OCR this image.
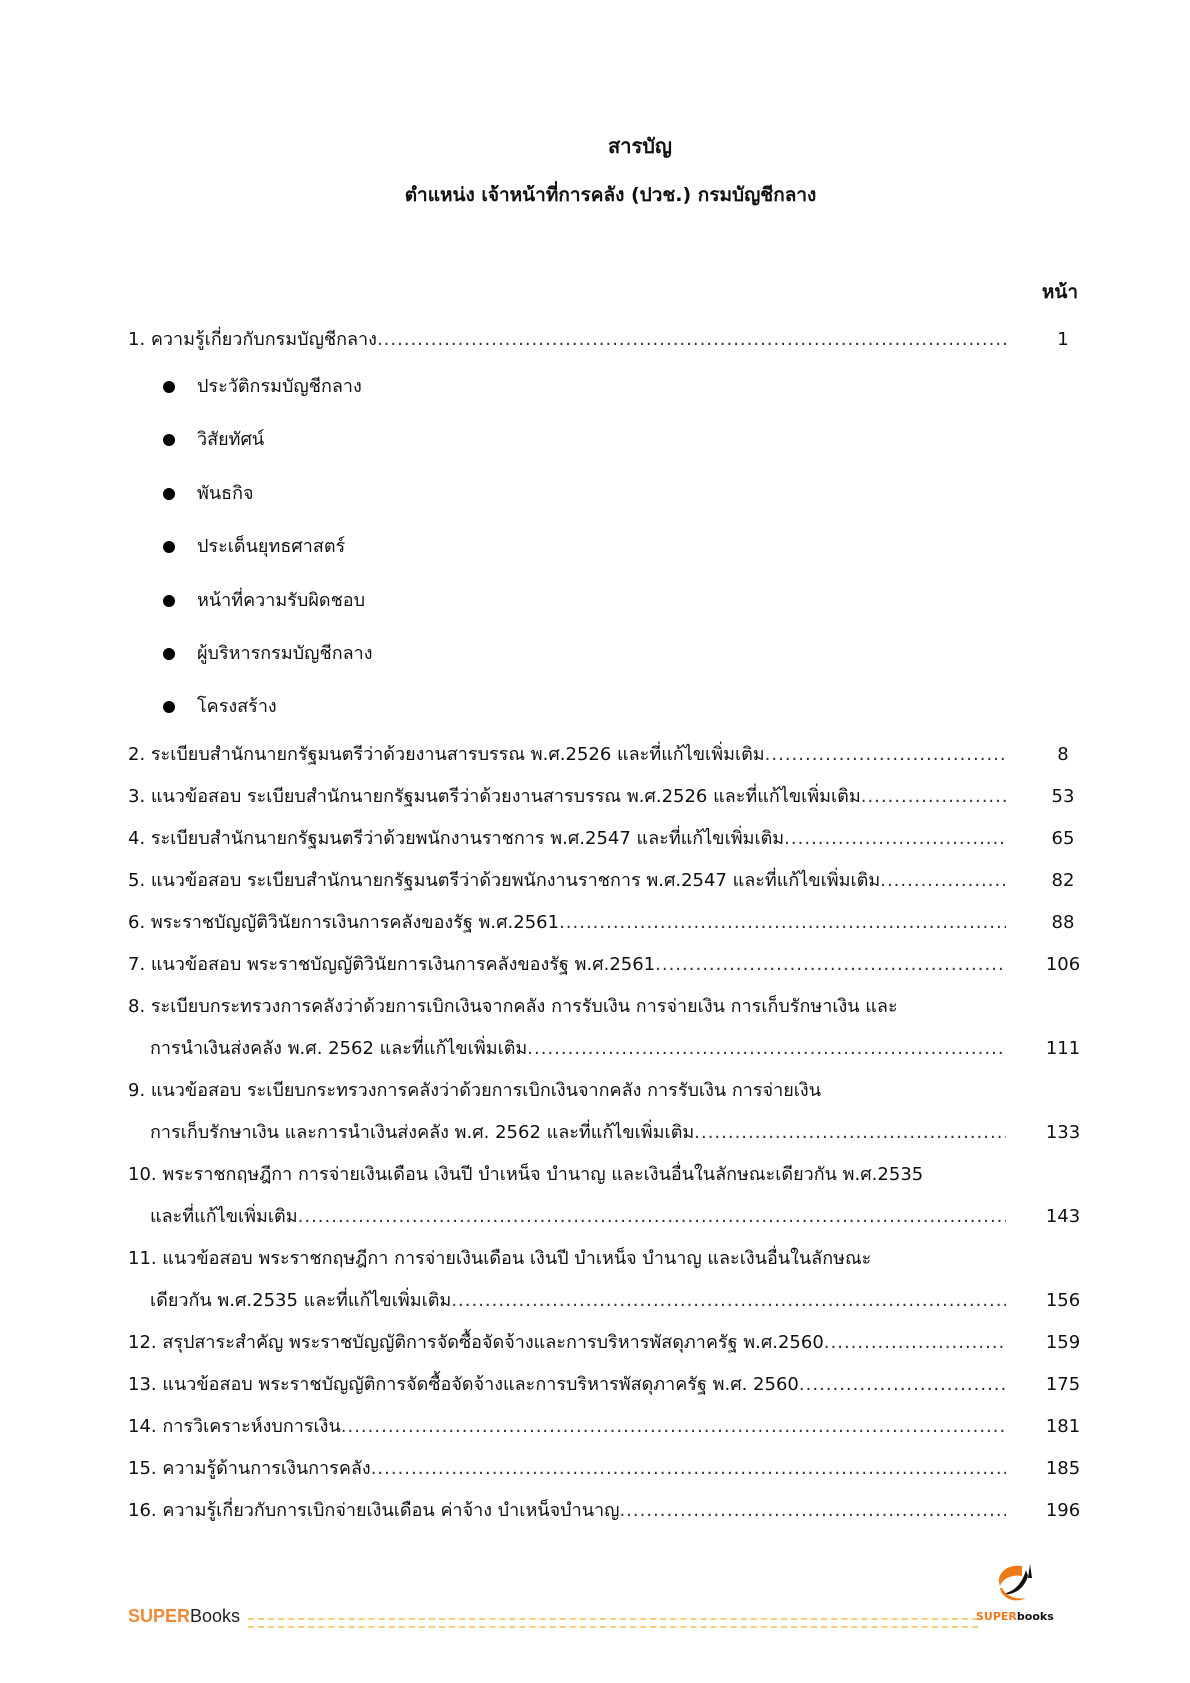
สารบัญ
ตำแหน่ง เจ้าหน้าที่การคลัง (ปวช.) กรมบัญชีกลาง
หน้า
1. ความรู้เกี่ยวกับกรมบัญชีกลาง .....	1
ประวัติกรมบัญชีกลาง
วิสัยทัศน์
พันธกิจ
ประเด็นยุทธศาสตร์
หน้าที่ความรับผิดชอบ
ผู้บริหารกรมบัญชีกลาง
โครงสร้าง
2. ระเบียบสำนักนายกรัฐมนตรีว่าด้วยงานสารบรรณ พ.ศ.2526 และที่แก้ไขเพิ่มเติม .....	8
3. แนวข้อสอบ ระเบียบสำนักนายกรัฐมนตรีว่าด้วยงานสารบรรณ พ.ศ.2526 และที่แก้ไขเพิ่มเติม .....	53
4. ระเบียบสำนักนายกรัฐมนตรีว่าด้วยพนักงานราชการ พ.ศ.2547 และที่แก้ไขเพิ่มเติม .....	65
5. แนวข้อสอบ ระเบียบสำนักนายกรัฐมนตรีว่าด้วยพนักงานราชการ พ.ศ.2547 และที่แก้ไขเพิ่มเติม .....	82
6. พระราชบัญญัติวินัยการเงินการคลังของรัฐ พ.ศ.2561 .....	88
7. แนวข้อสอบ พระราชบัญญัติวินัยการเงินการคลังของรัฐ พ.ศ.2561 .....	106
8. ระเบียบกระทรวงการคลังว่าด้วยการเบิกเงินจากคลัง การรับเงิน การจ่ายเงิน การเก็บรักษาเงิน และ
การนำเงินส่งคลัง พ.ศ. 2562 และที่แก้ไขเพิ่มเติม .....	111
9. แนวข้อสอบ ระเบียบกระทรวงการคลังว่าด้วยการเบิกเงินจากคลัง การรับเงิน การจ่ายเงิน
การเก็บรักษาเงิน และการนำเงินส่งคลัง พ.ศ. 2562 และที่แก้ไขเพิ่มเติม .....	133
10. พระราชกฤษฎีกา การจ่ายเงินเดือน เงินปี บำเหน็จ บำนาญ และเงินอื่นในลักษณะเดียวกัน พ.ศ.2535
และที่แก้ไขเพิ่มเติม .....	143
11. แนวข้อสอบ พระราชกฤษฎีกา การจ่ายเงินเดือน เงินปี บำเหน็จ บำนาญ และเงินอื่นในลักษณะ
เดียวกัน พ.ศ.2535 และที่แก้ไขเพิ่มเติม .....	156
12. สรุปสาระสำคัญ พระราชบัญญัติการจัดซื้อจัดจ้างและการบริหารพัสดุภาครัฐ พ.ศ.2560 .....	159
13. แนวข้อสอบ พระราชบัญญัติการจัดซื้อจัดจ้างและการบริหารพัสดุภาครัฐ พ.ศ. 2560 .....	175
14. การวิเคราะห์งบการเงิน .....	181
15. ความรู้ด้านการเงินการคลัง .....	185
16. ความรู้เกี่ยวกับการเบิกจ่ายเงินเดือน ค่าจ้าง บำเหน็จบำนาญ .....	196
SUPERBooks	SUPERbooks
